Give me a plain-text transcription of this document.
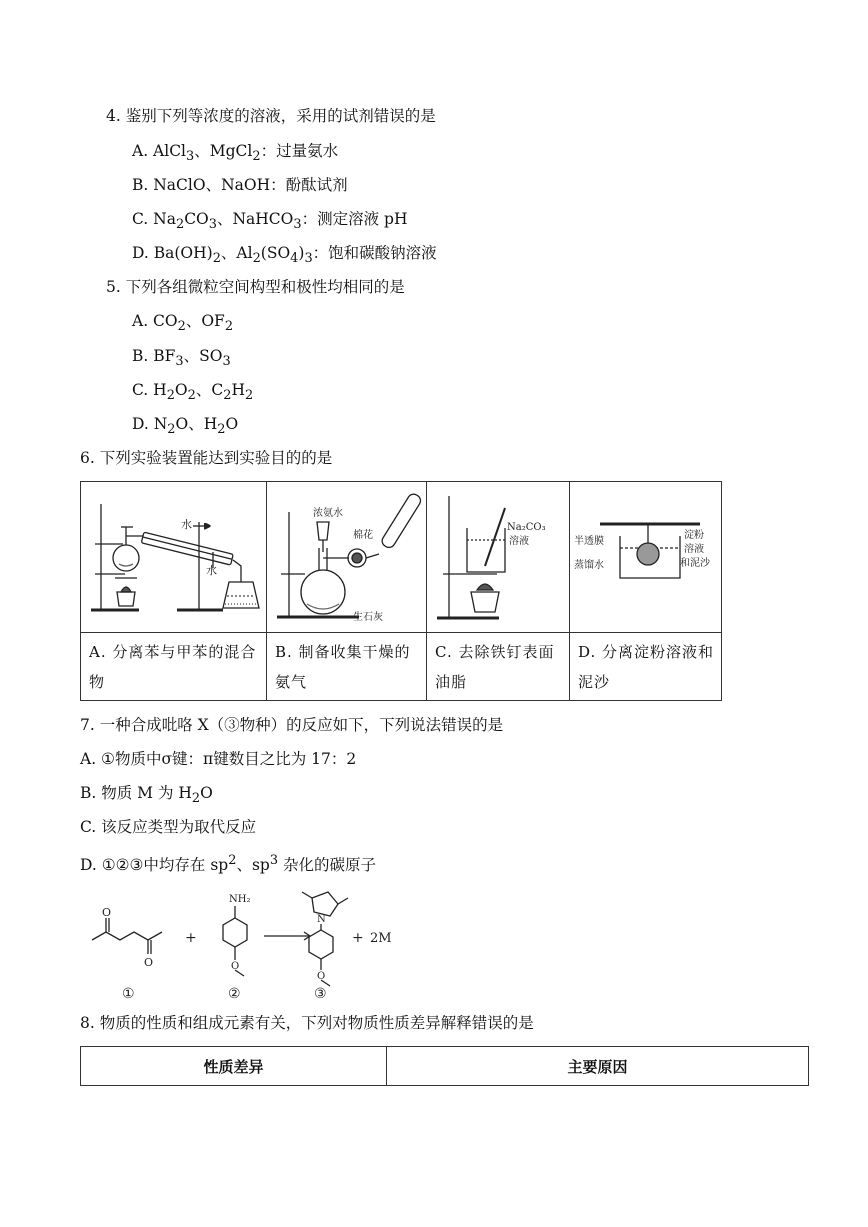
4. 鉴别下列等浓度的溶液，采用的试剂错误的是
A. AlCl$_3$、MgCl$_2$：过量氨水
B. NaClO、NaOH：酚酞试剂
C. $Na_2CO_3$、NaHCO$_3$：测定溶液 pH
D. $Ba(OH)_2$、$Al_2(SO_4)_3$：饱和碳酸钠溶液
5. 下列各组微粒空间构型和极性均相同的是
A. $CO_2$、$OF_2$
B. $BF_3$、$SO_3$
C. $H_2O_2$、$C_2H_2$
D. $N_2O$、$H_2O$
6. 下列实验装置能达到实验目的的是
水
水	浓氨水
棉花
生石灰	Na₂CO₃
溶液	半透膜
蒸馏水
淀粉
溶液
和泥沙

A. 分离苯与甲苯的混合物	B. 制备收集干燥的氨气	C. 去除铁钉表面油脂	D. 分离淀粉溶液和泥沙
7. 一种合成吡咯 X（③物种）的反应如下，下列说法错误的是
A. ①物质中σ键：π键数目之比为 17：2
B. 物质 M 为 $H_2O$
C. 该反应类型为取代反应
D. ①②③中均存在 $sp^2$、$sp^3$ 杂化的碳原子
O
O
+
NH₂
O
N
O
+ 2M
①	②	③
8. 物质的性质和组成元素有关，下列对物质性质差异解释错误的是
性质差异	主要原因
